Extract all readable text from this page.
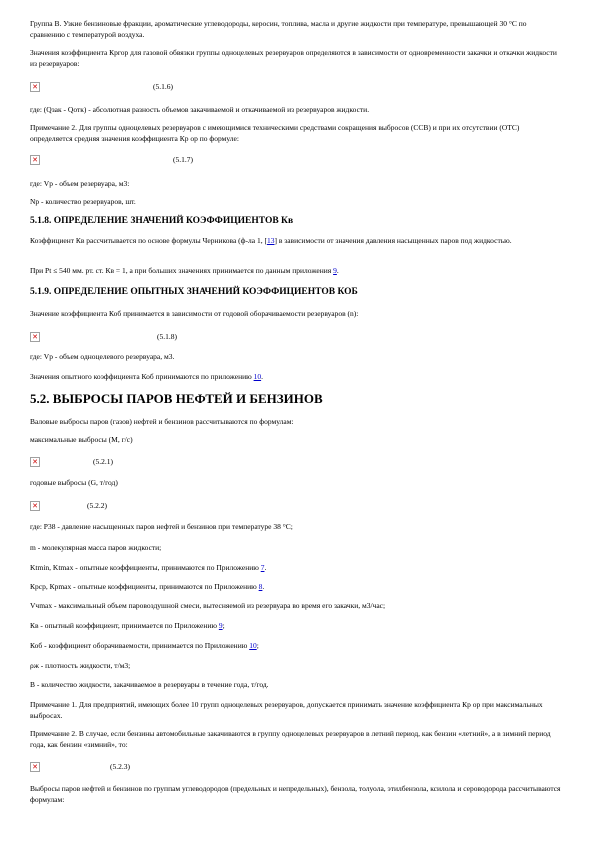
Группа В. Узкие бензиновые фракции, ароматические углеводороды, керосин, топлива, масла и другие жидкости при температуре, превышающей 30 °С по сравнению с температурой воздуха.

Значения коэффициента Кргор для газовой обвязки группы одноцелевых резервуаров определяются в зависимости от одновременности закачки и откачки жидкости из резервуаров:

✕	(5.1.6)

где: (Qзак - Qотк) - абсолютная разность объемов закачиваемой и откачиваемой из резервуаров жидкости.

Примечание 2. Для группы одноцелевых резервуаров с имеющимися техническими средствами сокращения выбросов (ССВ) и при их отсутствии (ОТС) определяется средняя значения коэффициента Кр ор по формуле:

✕	(5.1.7)

где: Vр - объем резервуара, м3:

Nр - количество резервуаров, шт.

5.1.8. ОПРЕДЕЛЕНИЕ ЗНАЧЕНИЙ КОЭФФИЦИЕНТОВ Кв

Коэффициент Кв рассчитывается по основе формулы Черникова (ф-ла 1, [13] в зависимости от значения давления насыщенных паров под жидкостью.

При Pt ≤ 540 мм. рт. ст. Кв = 1, а при больших значениях принимается по данным приложения 9.

5.1.9. ОПРЕДЕЛЕНИЕ ОПЫТНЫХ ЗНАЧЕНИЙ КОЭФФИЦИЕНТОВ КОБ

Значение коэффициента Коб принимается в зависимости от годовой оборачиваемости резервуаров (n):

✕	(5.1.8)

где: Vр - объем одноцелевого резервуара, м3.

Значения опытного коэффициента Коб принимаются по приложению 10.

5.2. ВЫБРОСЫ ПАРОВ НЕФТЕЙ И БЕНЗИНОВ

Валовые выбросы паров (газов) нефтей и бензинов рассчитываются по формулам:

максимальные выбросы (М, г/с)

✕	(5.2.1)

годовые выбросы (G, т/год)

✕	(5.2.2)

где: Р38 - давление насыщенных паров нефтей и бензинов при температуре 38 °С;

m - молекулярная масса паров жидкости;

Ktmin, Ktmax - опытные коэффициенты, принимаются по Приложению 7.

Крср, Крmax - опытные коэффициенты, принимаются по Приложению 8.

Vчmax - максимальный объем паровоздушной смеси, вытесняемой из резервуара во время его закачки, м3/час;

Кв - опытный коэффициент, принимается по Приложению 9;

Коб - коэффициент оборачиваемости, принимается по Приложению 10;

ρж - плотность жидкости, т/м3;

В - количество жидкости, закачиваемое в резервуары в течение года, т/год.

Примечание 1. Для предприятий, имеющих более 10 групп одноцелевых резервуаров, допускается принимать значение коэффициента Кр ор при максимальных выбросах.

Примечание 2. В случае, если бензины автомобильные закачиваются в группу одноцелевых резервуаров в летний период, как бензин «летний», а в зимний период года, как бензин «зимний», то:

✕	(5.2.3)

Выбросы паров нефтей и бензинов по группам углеводородов (предельных и непредельных), бензола, толуола, этилбензола, ксилола и сероводорода рассчитываются формулам:
